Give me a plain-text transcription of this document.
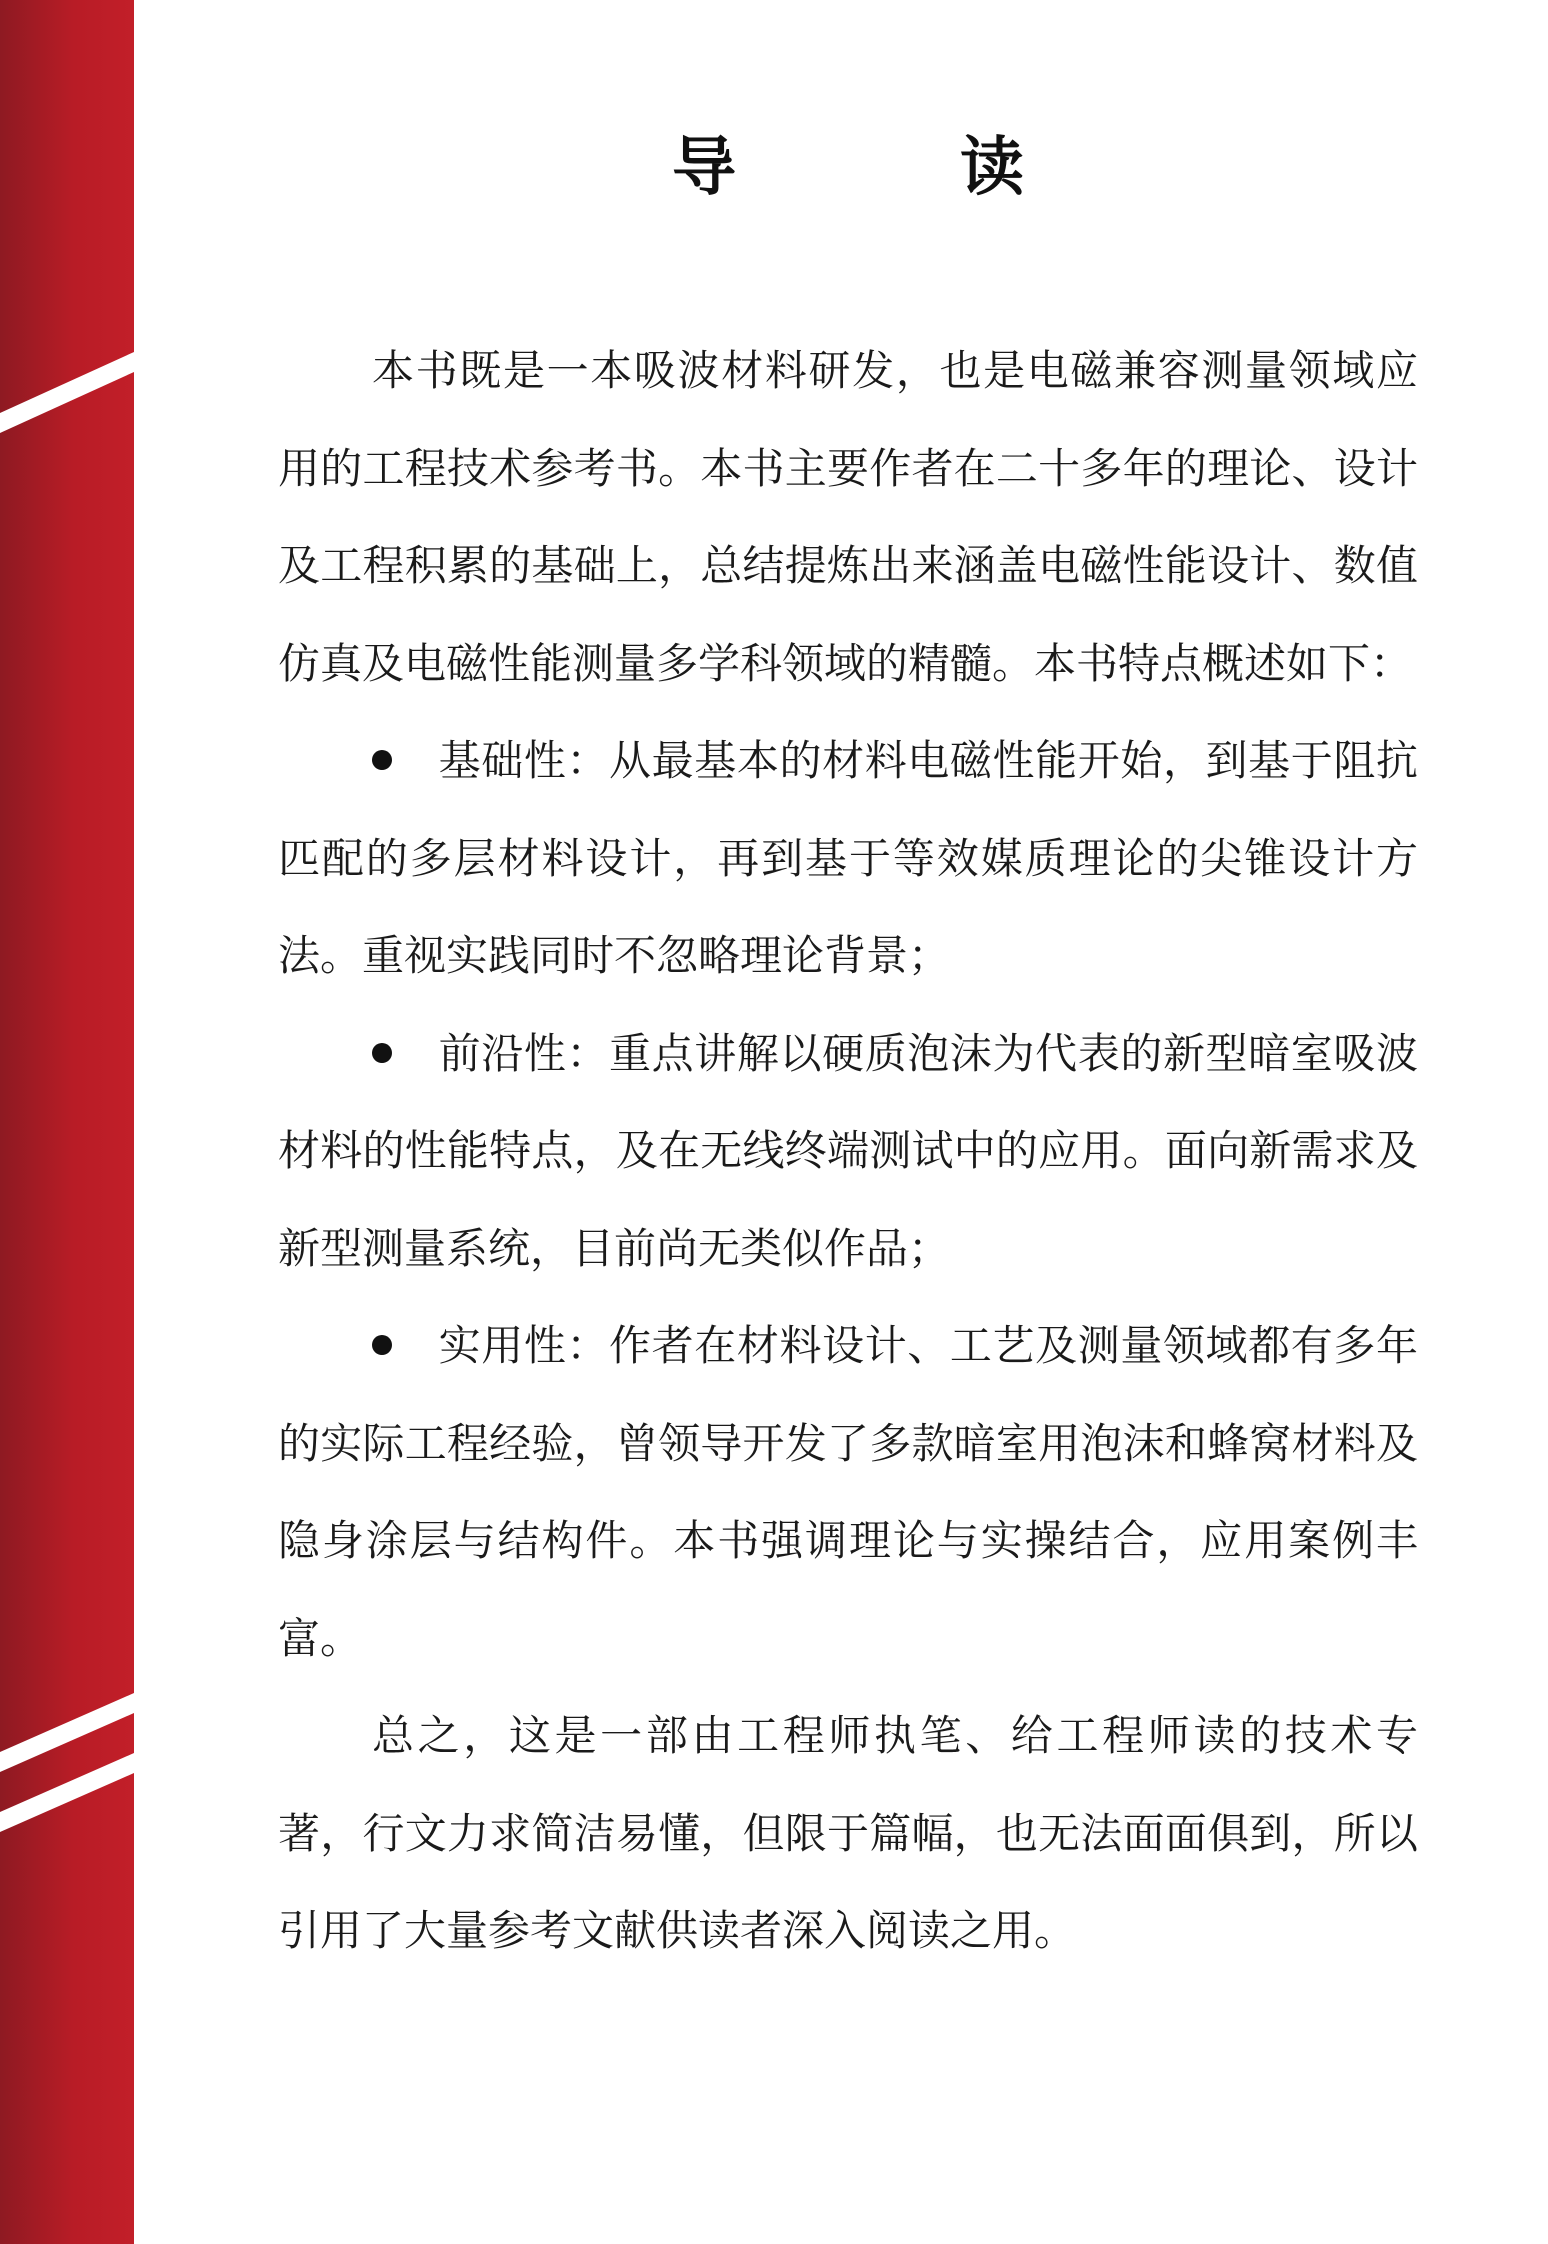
导　读

本书既是一本吸波材料研发，也是电磁兼容测量领域应用的工程技术参考书。本书主要作者在二十多年的理论、设计及工程积累的基础上，总结提炼出来涵盖电磁性能设计、数值仿真及电磁性能测量多学科领域的精髓。本书特点概述如下：

基础性：从最基本的材料电磁性能开始，到基于阻抗匹配的多层材料设计，再到基于等效媒质理论的尖锥设计方法。重视实践同时不忽略理论背景；

前沿性：重点讲解以硬质泡沫为代表的新型暗室吸波材料的性能特点，及在无线终端测试中的应用。面向新需求及新型测量系统，目前尚无类似作品；

实用性：作者在材料设计、工艺及测量领域都有多年的实际工程经验，曾领导开发了多款暗室用泡沫和蜂窝材料及隐身涂层与结构件。本书强调理论与实操结合，应用案例丰富。

总之，这是一部由工程师执笔、给工程师读的技术专著，行文力求简洁易懂，但限于篇幅，也无法面面俱到，所以引用了大量参考文献供读者深入阅读之用。
